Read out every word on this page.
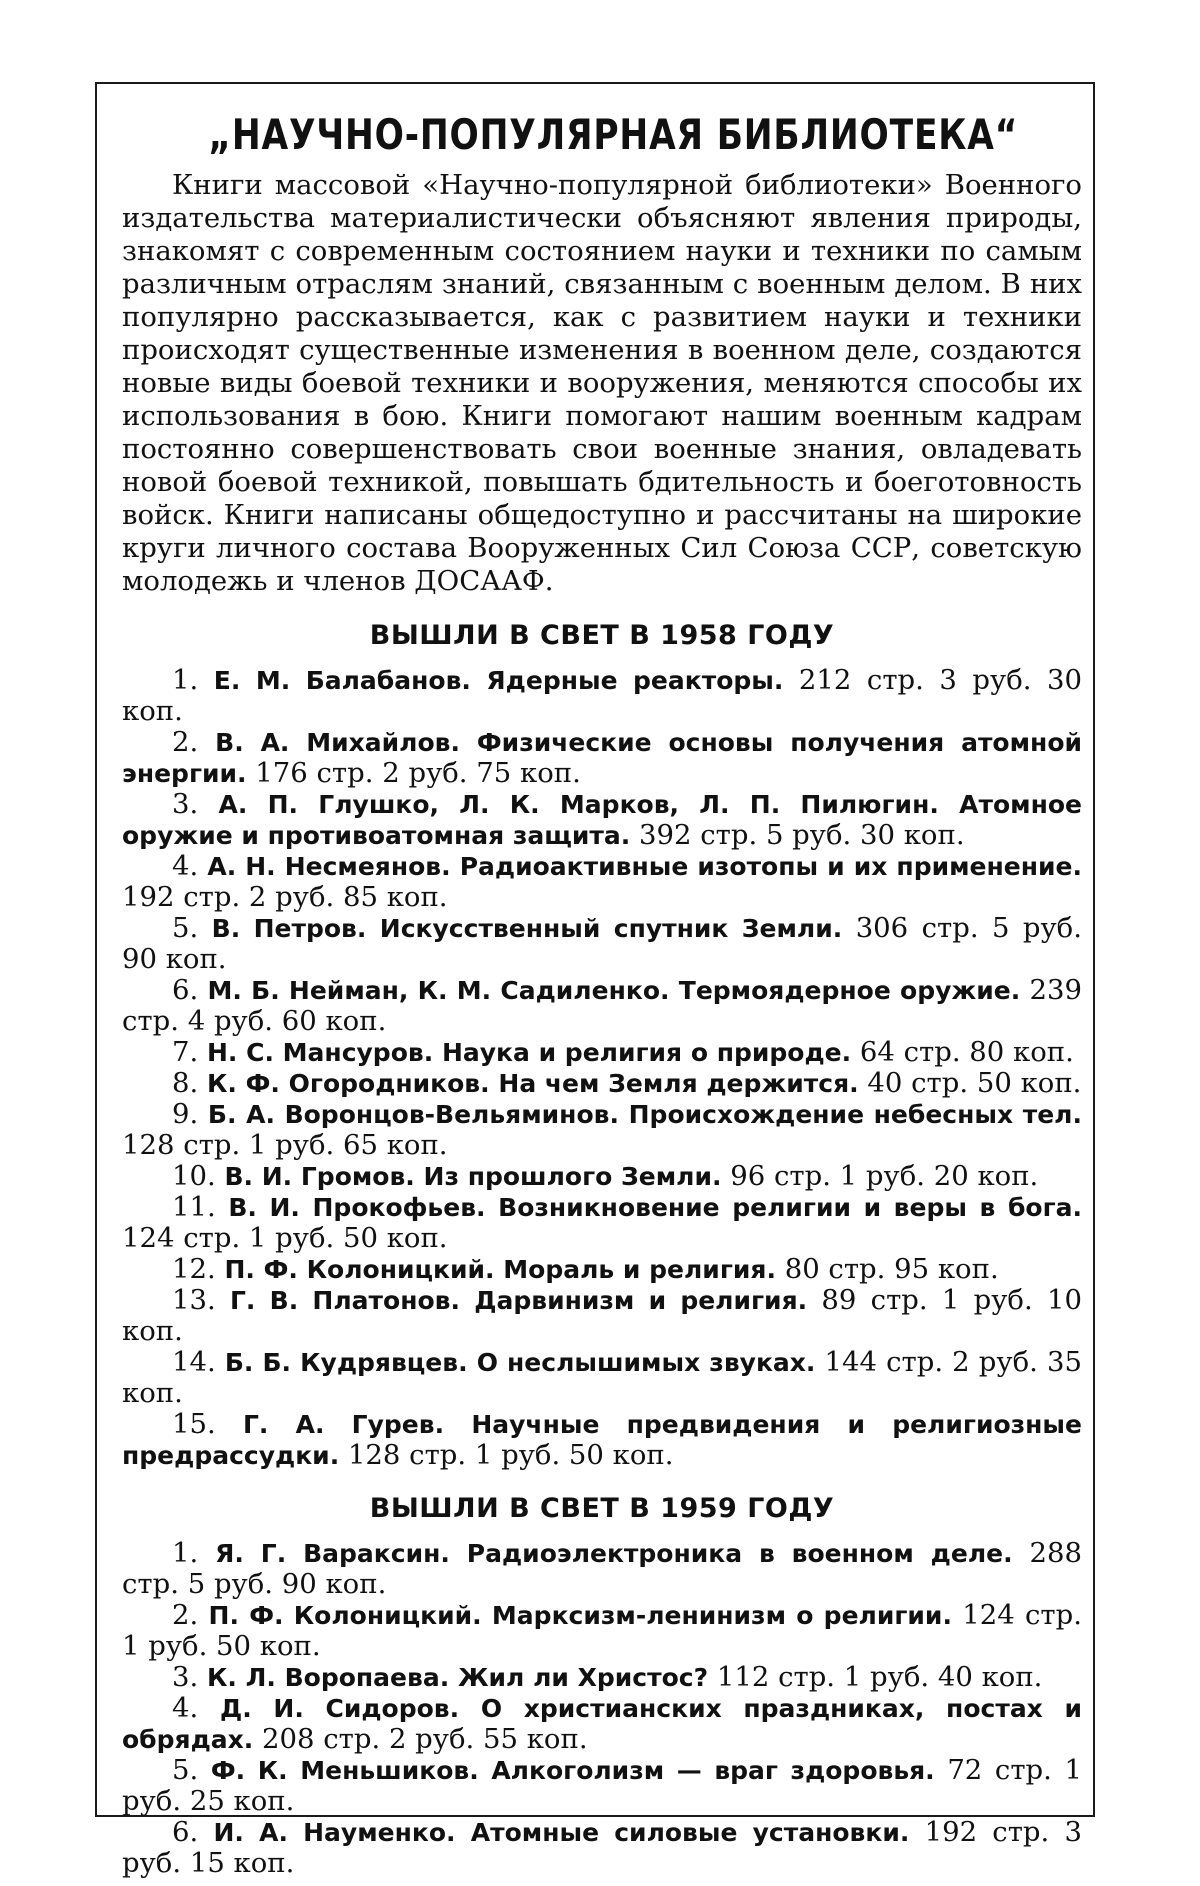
„НАУЧНО-ПОПУЛЯРНАЯ БИБЛИОТЕКА“

Книги массовой «Научно-популярной библиотеки» Военного издательства материалистически объясняют явления природы, знакомят с современным состоянием науки и техники по самым различным отраслям знаний, связанным с военным делом. В них популярно рассказывается, как с развитием науки и техники происходят существенные изменения в военном деле, создаются новые виды боевой техники и вооружения, меняются способы их использования в бою. Книги помогают нашим военным кадрам постоянно совершенствовать свои военные знания, овладевать новой боевой техникой, повышать бдительность и боеготовность войск. Книги написаны общедоступно и рассчитаны на широкие круги личного состава Вооруженных Сил Союза ССР, советскую молодежь и членов ДОСААФ.

ВЫШЛИ В СВЕТ В 1958 ГОДУ
1. Е. М. Балабанов. Ядерные реакторы. 212 стр. 3 руб. 30 коп.
2. В. А. Михайлов. Физические основы получения атомной энергии. 176 стр. 2 руб. 75 коп.
3. А. П. Глушко, Л. К. Марков, Л. П. Пилюгин. Атомное оружие и противоатомная защита. 392 стр. 5 руб. 30 коп.
4. А. Н. Несмеянов. Радиоактивные изотопы и их применение. 192 стр. 2 руб. 85 коп.
5. В. Петров. Искусственный спутник Земли. 306 стр. 5 руб. 90 коп.
6. М. Б. Нейман, К. М. Садиленко. Термоядерное оружие. 239 стр. 4 руб. 60 коп.
7. Н. С. Мансуров. Наука и религия о природе. 64 стр. 80 коп.
8. К. Ф. Огородников. На чем Земля держится. 40 стр. 50 коп.
9. Б. А. Воронцов-Вельяминов. Происхождение небесных тел. 128 стр. 1 руб. 65 коп.
10. В. И. Громов. Из прошлого Земли. 96 стр. 1 руб. 20 коп.
11. В. И. Прокофьев. Возникновение религии и веры в бога. 124 стр. 1 руб. 50 коп.
12. П. Ф. Колоницкий. Мораль и религия. 80 стр. 95 коп.
13. Г. В. Платонов. Дарвинизм и религия. 89 стр. 1 руб. 10 коп.
14. Б. Б. Кудрявцев. О неслышимых звуках. 144 стр. 2 руб. 35 коп.
15. Г. А. Гурев. Научные предвидения и религиозные предрассудки. 128 стр. 1 руб. 50 коп.
ВЫШЛИ В СВЕТ В 1959 ГОДУ
1. Я. Г. Вараксин. Радиоэлектроника в военном деле. 288 стр. 5 руб. 90 коп.
2. П. Ф. Колоницкий. Марксизм-ленинизм о религии. 124 стр. 1 руб. 50 коп.
3. К. Л. Воропаева. Жил ли Христос? 112 стр. 1 руб. 40 коп.
4. Д. И. Сидоров. О христианских праздниках, постах и обрядах. 208 стр. 2 руб. 55 коп.
5. Ф. К. Меньшиков. Алкоголизм — враг здоровья. 72 стр. 1 руб. 25 коп.
6. И. А. Науменко. Атомные силовые установки. 192 стр. 3 руб. 15 коп.
